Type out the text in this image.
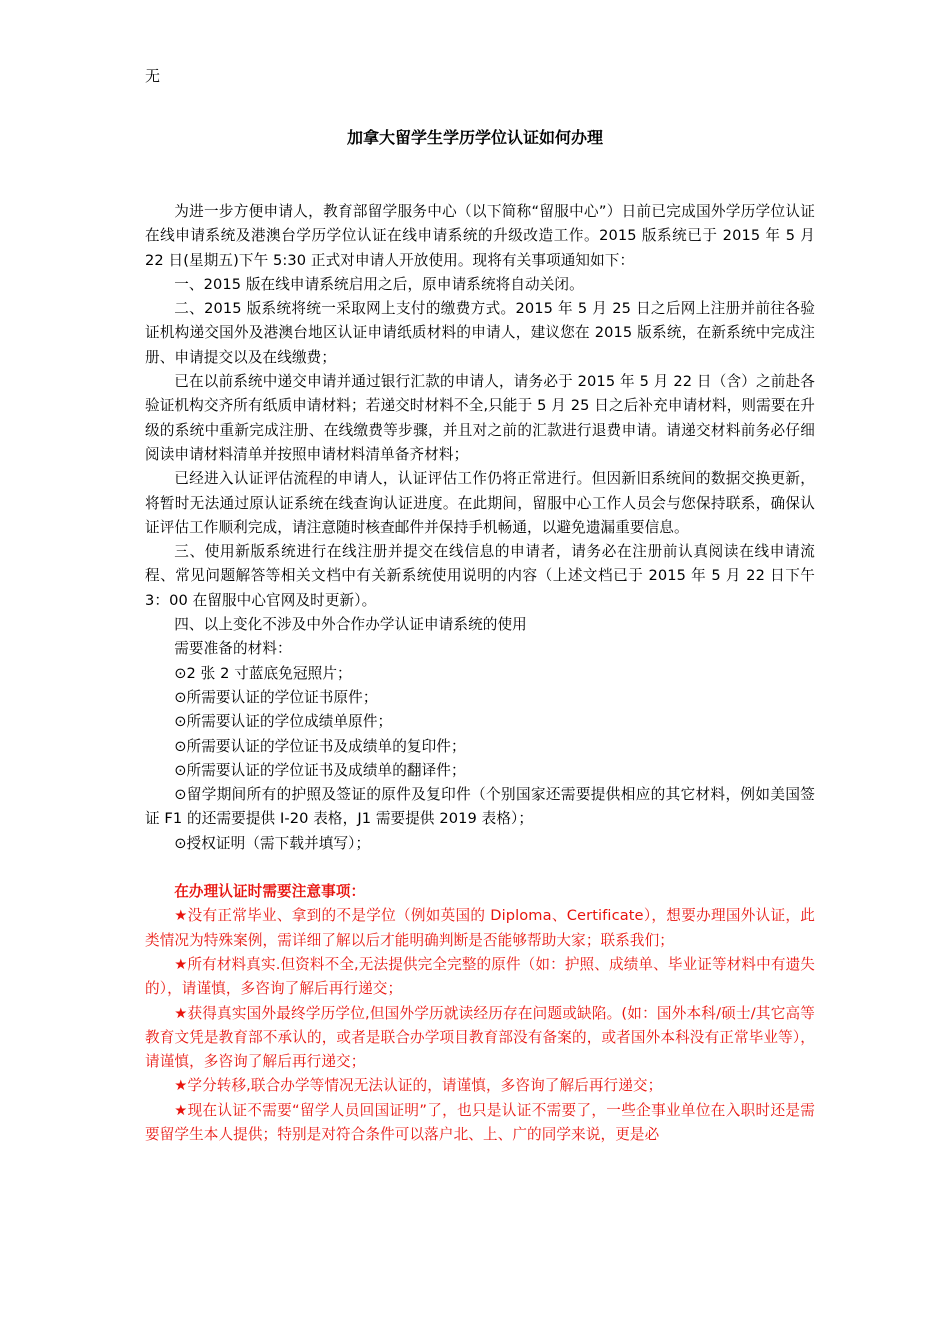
无
加拿大留学生学历学位认证如何办理

为进一步方便申请人，教育部留学服务中心（以下简称“留服中心”）日前已完成国外学历学位认证在线申请系统及港澳台学历学位认证在线申请系统的升级改造工作。2015 版系统已于 2015 年 5 月 22 日(星期五)下午 5:30 正式对申请人开放使用。现将有关事项通知如下：

一、2015 版在线申请系统启用之后，原申请系统将自动关闭。

二、2015 版系统将统一采取网上支付的缴费方式。2015 年 5 月 25 日之后网上注册并前往各验证机构递交国外及港澳台地区认证申请纸质材料的申请人，建议您在 2015 版系统，在新系统中完成注册、申请提交以及在线缴费；

已在以前系统中递交申请并通过银行汇款的申请人，请务必于 2015 年 5 月 22 日（含）之前赴各验证机构交齐所有纸质申请材料；若递交时材料不全,只能于 5 月 25 日之后补充申请材料，则需要在升级的系统中重新完成注册、在线缴费等步骤，并且对之前的汇款进行退费申请。请递交材料前务必仔细阅读申请材料清单并按照申请材料清单备齐材料；

已经进入认证评估流程的申请人，认证评估工作仍将正常进行。但因新旧系统间的数据交换更新，将暂时无法通过原认证系统在线查询认证进度。在此期间，留服中心工作人员会与您保持联系，确保认证评估工作顺利完成，请注意随时核查邮件并保持手机畅通，以避免遗漏重要信息。

三、使用新版系统进行在线注册并提交在线信息的申请者，请务必在注册前认真阅读在线申请流程、常见问题解答等相关文档中有关新系统使用说明的内容（上述文档已于 2015 年 5 月 22 日下午 3：00 在留服中心官网及时更新）。

四、以上变化不涉及中外合作办学认证申请系统的使用

需要准备的材料：

⊙2 张 2 寸蓝底免冠照片；

⊙所需要认证的学位证书原件；

⊙所需要认证的学位成绩单原件；

⊙所需要认证的学位证书及成绩单的复印件；

⊙所需要认证的学位证书及成绩单的翻译件；

⊙留学期间所有的护照及签证的原件及复印件（个别国家还需要提供相应的其它材料，例如美国签证 F1 的还需要提供 I-20 表格，J1 需要提供 2019 表格）；

⊙授权证明（需下载并填写）；

在办理认证时需要注意事项：

★没有正常毕业、拿到的不是学位（例如英国的 Diploma、Certificate），想要办理国外认证，此类情况为特殊案例，需详细了解以后才能明确判断是否能够帮助大家；联系我们；

★所有材料真实.但资料不全,无法提供完全完整的原件（如：护照、成绩单、毕业证等材料中有遗失的），请谨慎，多咨询了解后再行递交；

★获得真实国外最终学历学位,但国外学历就读经历存在问题或缺陷。(如：国外本科/硕士/其它高等教育文凭是教育部不承认的，或者是联合办学项目教育部没有备案的，或者国外本科没有正常毕业等）， 请谨慎，多咨询了解后再行递交；

★学分转移,联合办学等情况无法认证的，请谨慎，多咨询了解后再行递交；

★现在认证不需要“留学人员回国证明”了，也只是认证不需要了，一些企事业单位在入职时还是需要留学生本人提供；特别是对符合条件可以落户北、上、广的同学来说，更是必
